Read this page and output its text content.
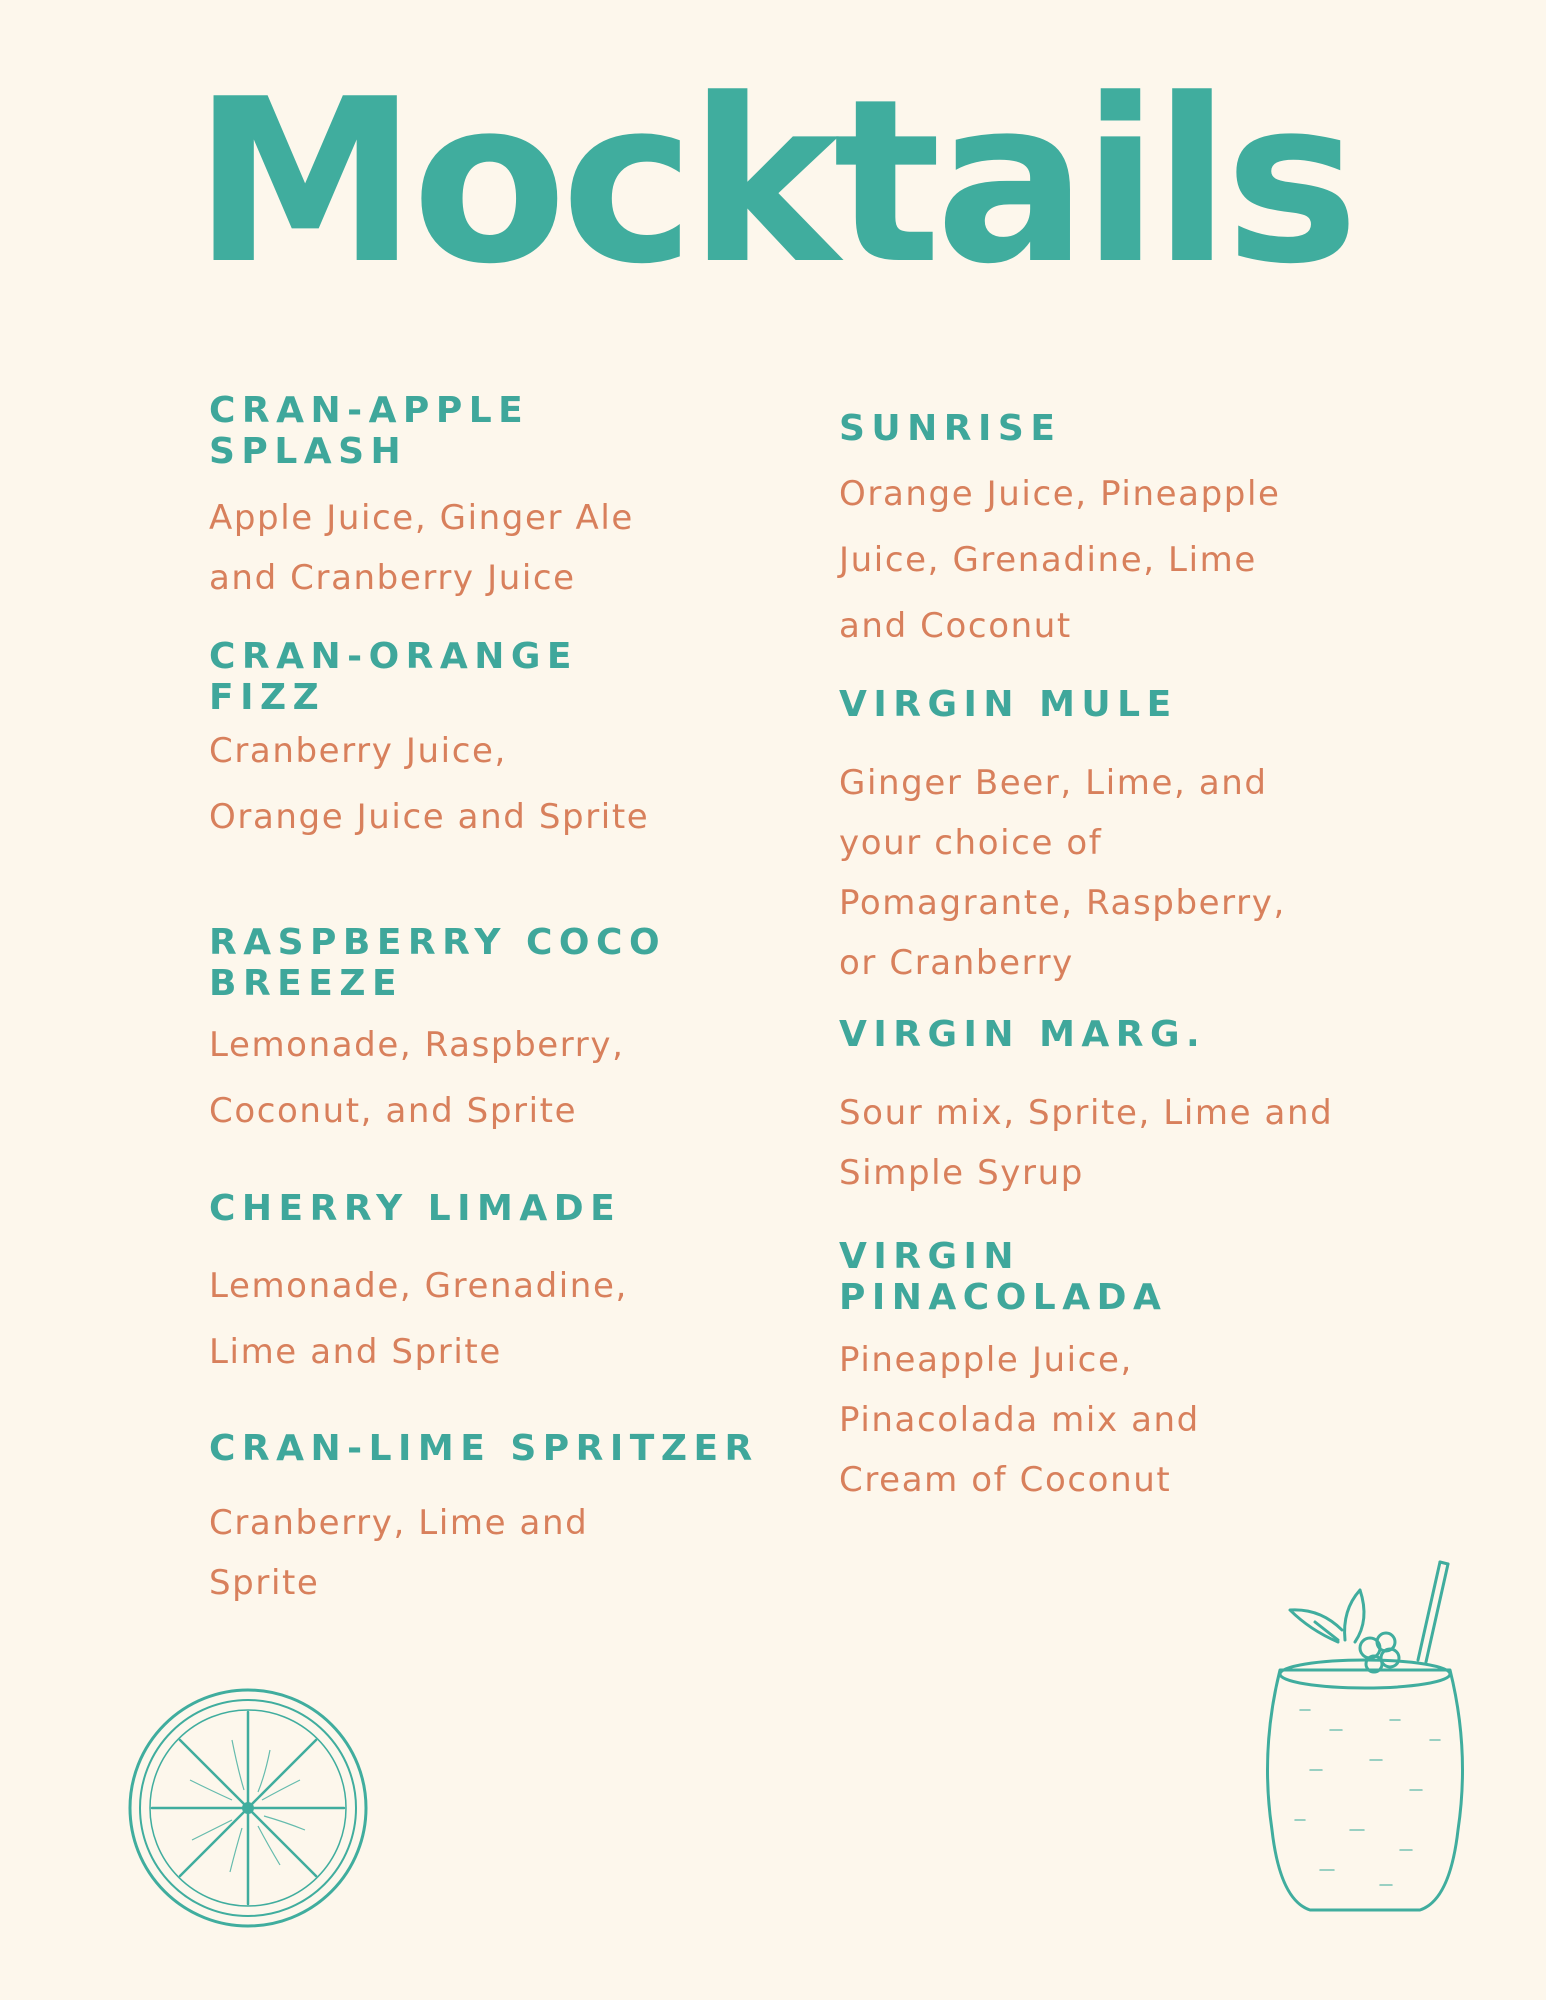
Mocktails
CRAN-APPLE
SPLASH
Apple Juice, Ginger Ale
and Cranberry Juice
CRAN-ORANGE
FIZZ
Cranberry Juice,
Orange Juice and Sprite
RASPBERRY COCO
BREEZE
Lemonade, Raspberry,
Coconut, and Sprite
CHERRY LIMADE
Lemonade, Grenadine,
Lime and Sprite
CRAN-LIME SPRITZER
Cranberry, Lime and
Sprite
SUNRISE
Orange Juice, Pineapple
Juice, Grenadine, Lime
and Coconut
VIRGIN MULE
Ginger Beer, Lime, and
your choice of
Pomagrante, Raspberry,
or Cranberry
VIRGIN MARG.
Sour mix, Sprite, Lime and
Simple Syrup
VIRGIN
PINACOLADA
Pineapple Juice,
Pinacolada mix and
Cream of Coconut
